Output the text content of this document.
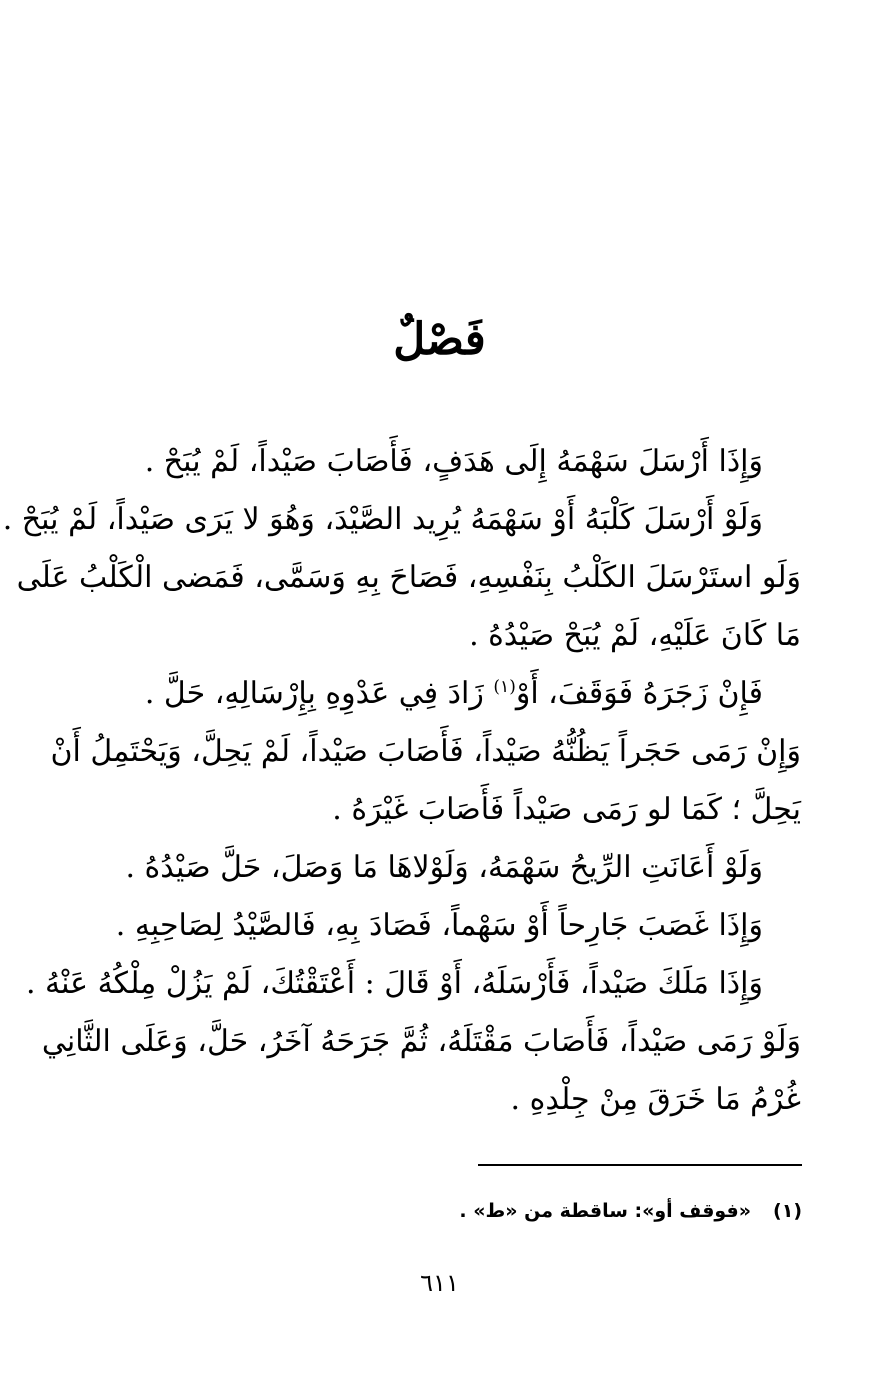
فَصْلٌ

وَإِذَا أَرْسَلَ سَهْمَهُ إِلَى هَدَفٍ، فَأَصَابَ صَيْداً، لَمْ يُبَحْ .

وَلَوْ أَرْسَلَ كَلْبَهُ أَوْ سَهْمَهُ يُرِيد الصَّيْدَ، وَهُوَ لا يَرَى صَيْداً، لَمْ يُبَحْ .

وَلَو استَرْسَلَ الكَلْبُ بِنَفْسِهِ، فَصَاحَ بِهِ وَسَمَّى، فَمَضى الْكَلْبُ عَلَى
مَا كَانَ عَلَيْهِ، لَمْ يُبَحْ صَيْدُهُ .

فَإِنْ زَجَرَهُ فَوَقَفَ، أَوْ$^{(١)}$ زَادَ فِي عَدْوِهِ بِإِرْسَالِهِ، حَلَّ .

وَإِنْ رَمَى حَجَراً يَظُنُّهُ صَيْداً، فَأَصَابَ صَيْداً، لَمْ يَحِلَّ، وَيَحْتَمِلُ أَنْ
يَحِلَّ ؛ كَمَا لو رَمَى صَيْداً فَأَصَابَ غَيْرَهُ .

وَلَوْ أَعَانَتِ الرِّيحُ سَهْمَهُ، وَلَوْلاهَا مَا وَصَلَ، حَلَّ صَيْدُهُ .

وَإِذَا غَصَبَ جَارِحاً أَوْ سَهْماً، فَصَادَ بِهِ، فَالصَّيْدُ لِصَاحِبِهِ .

وَإِذَا مَلَكَ صَيْداً، فَأَرْسَلَهُ، أَوْ قَالَ : أَعْتَقْتُكَ، لَمْ يَزُلْ مِلْكُهُ عَنْهُ .

وَلَوْ رَمَى صَيْداً، فَأَصَابَ مَقْتَلَهُ، ثُمَّ جَرَحَهُ آخَرُ، حَلَّ، وَعَلَى الثَّانِي
غُرْمُ مَا خَرَقَ مِنْ جِلْدِهِ .

(١)«فوقف أو»: ساقطة من «ط» .
٦١١
